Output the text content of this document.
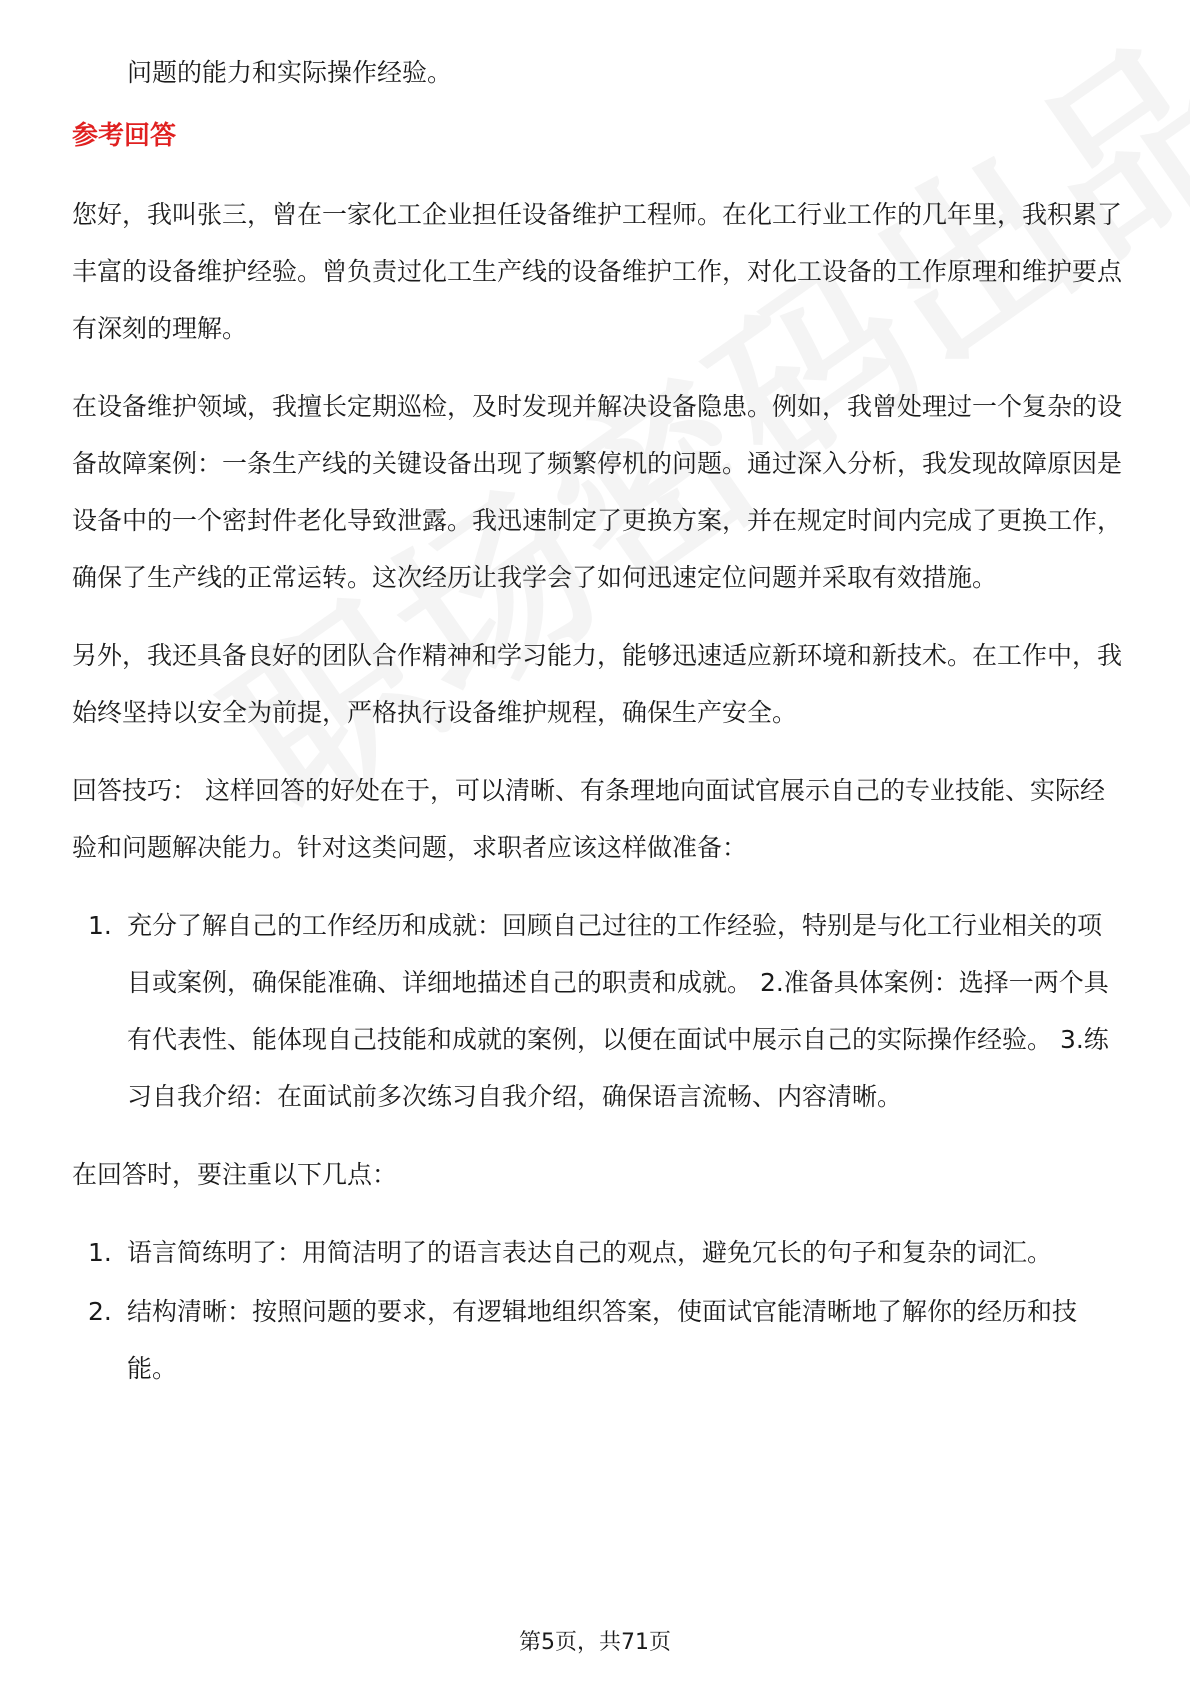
问题的能力和实际操作经验。

参考回答

您好，我叫张三，曾在一家化工企业担任设备维护工程师。在化工行业工作的几年里，我积累了丰富的设备维护经验。曾负责过化工生产线的设备维护工作，对化工设备的工作原理和维护要点有深刻的理解。

在设备维护领域，我擅长定期巡检，及时发现并解决设备隐患。例如，我曾处理过一个复杂的设备故障案例：一条生产线的关键设备出现了频繁停机的问题。通过深入分析，我发现故障原因是设备中的一个密封件老化导致泄露。我迅速制定了更换方案，并在规定时间内完成了更换工作，确保了生产线的正常运转。这次经历让我学会了如何迅速定位问题并采取有效措施。

另外，我还具备良好的团队合作精神和学习能力，能够迅速适应新环境和新技术。在工作中，我始终坚持以安全为前提，严格执行设备维护规程，确保生产安全。

回答技巧： 这样回答的好处在于，可以清晰、有条理地向面试官展示自己的专业技能、实际经验和问题解决能力。针对这类问题，求职者应该这样做准备：

1. 充分了解自己的工作经历和成就：回顾自己过往的工作经验，特别是与化工行业相关的项目或案例，确保能准确、详细地描述自己的职责和成就。 2.准备具体案例：选择一两个具有代表性、能体现自己技能和成就的案例，以便在面试中展示自己的实际操作经验。 3.练习自我介绍：在面试前多次练习自我介绍，确保语言流畅、内容清晰。

在回答时，要注重以下几点：

1. 语言简练明了：用简洁明了的语言表达自己的观点，避免冗长的句子和复杂的词汇。
2. 结构清晰：按照问题的要求，有逻辑地组织答案，使面试官能清晰地了解你的经历和技能。
第5页，共71页
